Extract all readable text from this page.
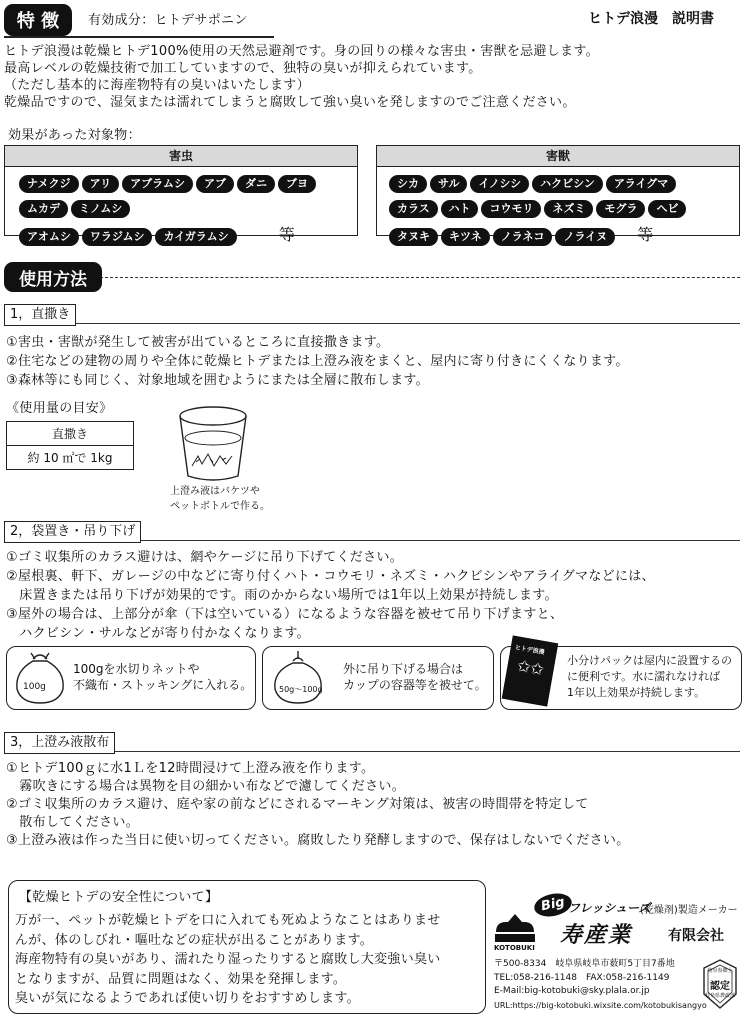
特 徴	有効成分：ヒトデサポニン	ヒトデ浪漫　説明書
ヒトデ浪漫は乾燥ヒトデ100%使用の天然忌避剤です。身の回りの様々な害虫・害獣を忌避します。
最高レベルの乾燥技術で加工していますので、独特の臭いが抑えられています。
（ただし基本的に海産物特有の臭いはいたします）
乾燥品ですので、湿気または濡れてしまうと腐敗して強い臭いを発しますのでご注意ください。
効果があった対象物：
害虫
ナメクジ アリ アブラムシ アブ ダニ ブヨ
ムカデ ミノムシ
アオムシ ワラジムシ カイガラムシ	等
害獣
シカ サル イノシシ ハクビシン アライグマ
カラス ハト コウモリ ネズミ モグラ ヘビ
タヌキ キツネ ノラネコ ノライヌ 等
使用方法
1，直撒き
①害虫・害獣が発生して被害が出ているところに直接撒きます。
②住宅などの建物の周りや全体に乾燥ヒトデまたは上澄み液をまくと、屋内に寄り付きにくくなります。
③森林等にも同じく、対象地域を囲むようにまたは全層に散布します。
《使用量の目安》
直撒き
約 10 ㎡で 1kg
上澄み液はバケツや
ペットボトルで作る。
2，袋置き・吊り下げ
①ゴミ収集所のカラス避けは、網やケージに吊り下げてください。
②屋根裏、軒下、ガレージの中などに寄り付くハト・コウモリ・ネズミ・ハクビシンやアライグマなどには、
　床置きまたは吊り下げが効果的です。雨のかからない場所では1年以上効果が持続します。
③屋外の場合は、上部分が傘（下は空いている）になるような容器を被せて吊り下げますと、
　ハクビシン・サルなどが寄り付かなくなります。
100g
100gを水切りネットや
不織布・ストッキングに入れる。	50g〜100g
外に吊り下げる場合は
カップの容器等を被せて。
ヒトデ浪漫
✩✩	小分けパックは屋内に設置するの
に便利です。水に濡れなければ
1年以上効果が持続します。
3，上澄み液散布
①ヒトデ100ｇに水1Ｌを12時間浸けて上澄み液を作ります。
　霧吹きにする場合は異物を目の細かい布などで濾してください。
②ゴミ収集所のカラス避け、庭や家の前などにされるマーキング対策は、被害の時間帯を特定して
　散布してください。
③上澄み液は作った当日に使い切ってください。腐敗したり発酵しますので、保存はしないでください。
【乾燥ヒトデの安全性について】
万が一、ペットが乾燥ヒトデを口に入れても死ぬようなことはありませ
んが、体のしびれ・嘔吐などの症状が出ることがあります。
海産物特有の臭いがあり、濡れたり湿ったりすると腐敗し大変強い臭い
となりますが、品質に問題はなく、効果を発揮します。
臭いが気になるようであれば使い切りをおすすめします。
Big フレッシューズ
(乾燥剤)製造メーカー
KOTOBUKI 寿産業	有限会社
〒500-8334　岐阜県岐阜市薮町5丁目7番地
TEL:058-216-1148　FAX:058-216-1149
E-Mail:big-kotobuki@sky.plala.or.jp
URL:https://big-kotobuki.wixsite.com/kotobukisangyo
岐阜県郷土
認定
岐阜県農政部
